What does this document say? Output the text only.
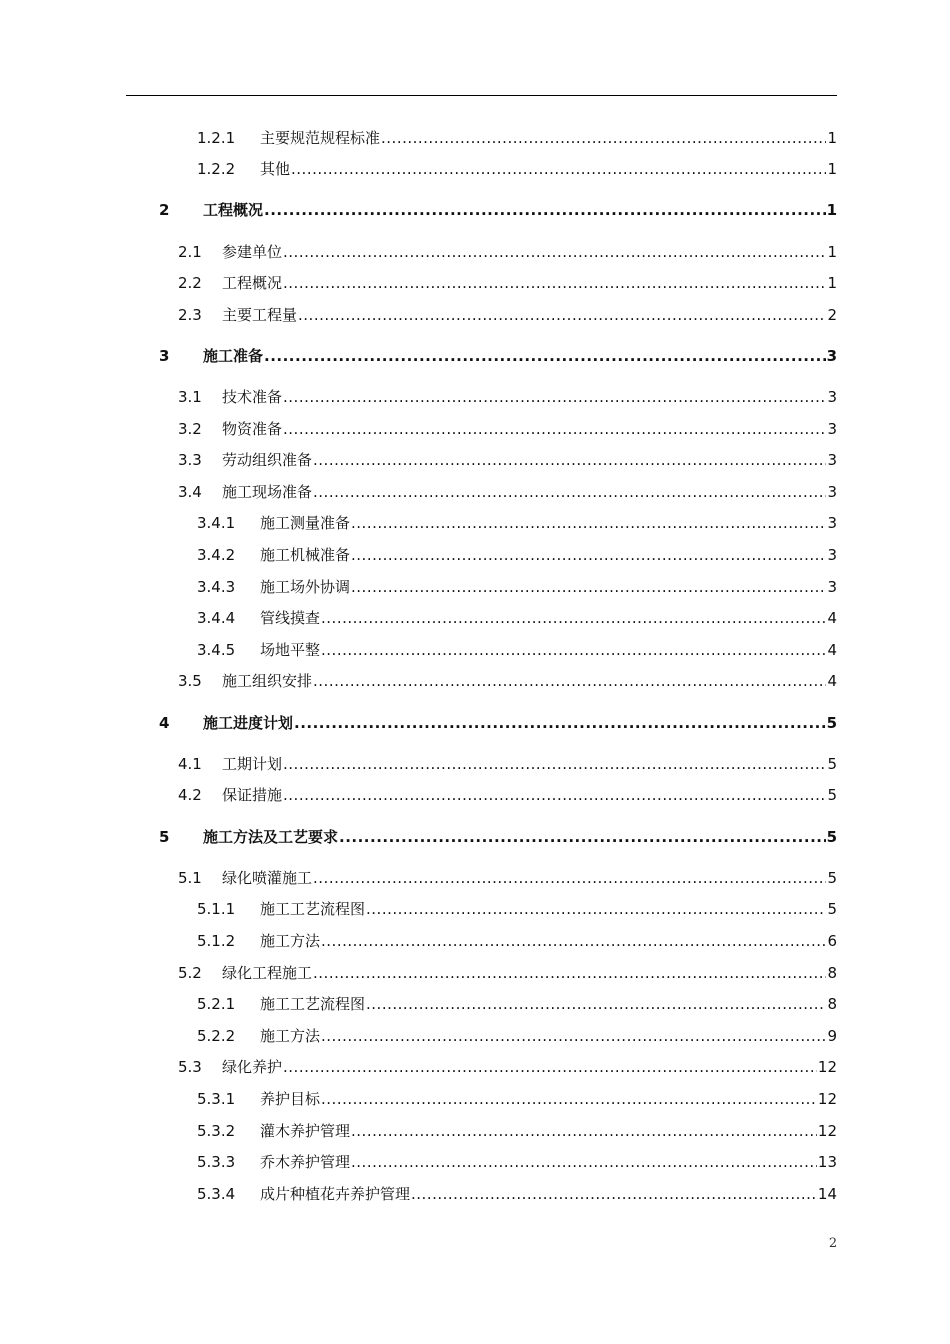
1.2.1	主要规范规程标准 .....	1
1.2.2	其他 .....	1
2	工程概况 .....	1
2.1	参建单位 .....	1
2.2	工程概况 .....	1
2.3	主要工程量 .....	2
3	施工准备 .....	3
3.1	技术准备 .....	3
3.2	物资准备 .....	3
3.3	劳动组织准备 .....	3
3.4	施工现场准备 .....	3
3.4.1	施工测量准备 .....	3
3.4.2	施工机械准备 .....	3
3.4.3	施工场外协调 .....	3
3.4.4	管线摸查 .....	4
3.4.5	场地平整 .....	4
3.5	施工组织安排 .....	4
4	施工进度计划 .....	5
4.1	工期计划 .....	5
4.2	保证措施 .....	5
5	施工方法及工艺要求 .....	5
5.1	绿化喷灌施工 .....	5
5.1.1	施工工艺流程图 .....	5
5.1.2	施工方法 .....	6
5.2	绿化工程施工 .....	8
5.2.1	施工工艺流程图 .....	8
5.2.2	施工方法 .....	9
5.3	绿化养护 .....	12
5.3.1	养护目标 .....	12
5.3.2	灌木养护管理 .....	12
5.3.3	乔木养护管理 .....	13
5.3.4	成片种植花卉养护管理 .....	14
2
